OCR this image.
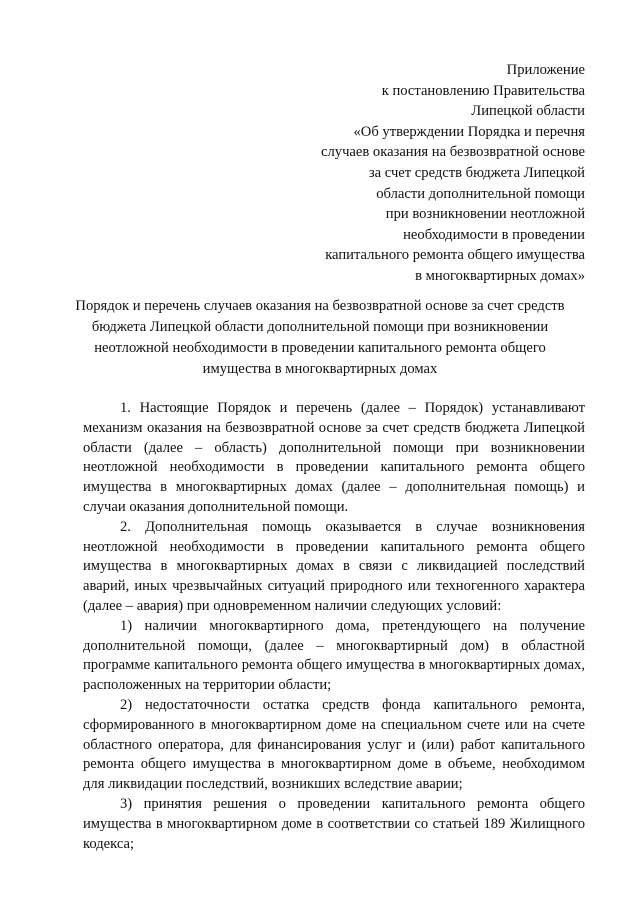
Приложение
к постановлению Правительства
Липецкой области
«Об утверждении Порядка и перечня
случаев оказания на безвозвратной основе
за счет средств бюджета Липецкой
области дополнительной помощи
при возникновении неотложной
необходимости в проведении
капитального ремонта общего имущества
в многоквартирных домах»
Порядок и перечень случаев оказания на безвозвратной основе за счет средств
бюджета Липецкой области дополнительной помощи при возникновении
неотложной необходимости в проведении капитального ремонта общего
имущества в многоквартирных домах

1. Настоящие Порядок и перечень (далее – Порядок) устанавливают механизм оказания на безвозвратной основе за счет средств бюджета Липецкой области (далее – область) дополнительной помощи при возникновении неотложной необходимости в проведении капитального ремонта общего имущества в многоквартирных домах (далее – дополнительная помощь) и случаи оказания дополнительной помощи.

2. Дополнительная помощь оказывается в случае возникновения неотложной необходимости в проведении капитального ремонта общего имущества в многоквартирных домах в связи с ликвидацией последствий аварий, иных чрезвычайных ситуаций природного или техногенного характера (далее – авария) при одновременном наличии следующих условий:

1) наличии многоквартирного дома, претендующего на получение дополнительной помощи, (далее – многоквартирный дом) в областной программе капитального ремонта общего имущества в многоквартирных домах, расположенных на территории области;

2) недостаточности остатка средств фонда капитального ремонта, сформированного в многоквартирном доме на специальном счете или на счете областного оператора, для финансирования услуг и (или) работ капитального ремонта общего имущества в многоквартирном доме в объеме, необходимом для ликвидации последствий, возникших вследствие аварии;

3) принятия решения о проведении капитального ремонта общего имущества в многоквартирном доме в соответствии со статьей 189 Жилищного кодекса;
